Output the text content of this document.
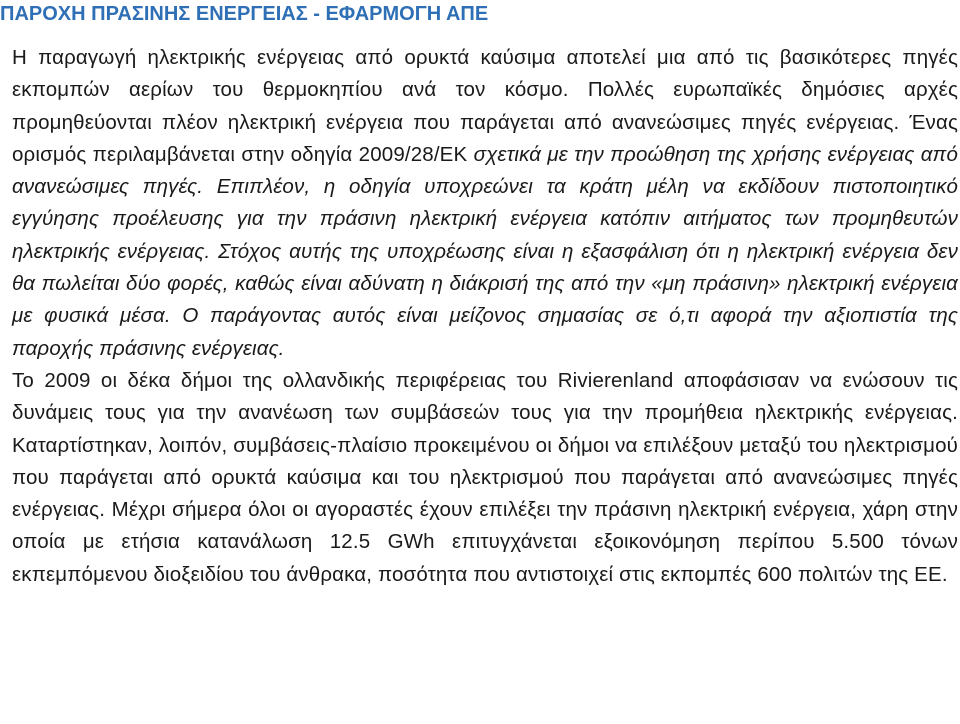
ΠΑΡΟΧΗ ΠΡΑΣΙΝΗΣ ΕΝΕΡΓΕΙΑΣ - ΕΦΑΡΜΟΓΗ ΑΠΕ

Η παραγωγή ηλεκτρικής ενέργειας από ορυκτά καύσιμα αποτελεί μια από τις βασικότερες πηγές εκπομπών αερίων του θερμοκηπίου ανά τον κόσμο. Πολλές ευρωπαϊκές δημόσιες αρχές προμηθεύονται πλέον ηλεκτρική ενέργεια που παράγεται από ανανεώσιμες πηγές ενέργειας. Ένας ορισμός περιλαμβάνεται στην οδηγία 2009/28/ΕΚ σχετικά με την προώθηση της χρήσης ενέργειας από ανανεώσιμες πηγές. Επιπλέον, η οδηγία υποχρεώνει τα κράτη μέλη να εκδίδουν πιστοποιητικό εγγύησης προέλευσης για την πράσινη ηλεκτρική ενέργεια κατόπιν αιτήματος των προμηθευτών ηλεκτρικής ενέργειας. Στόχος αυτής της υποχρέωσης είναι η εξασφάλιση ότι η ηλεκτρική ενέργεια δεν θα πωλείται δύο φορές, καθώς είναι αδύνατη η διάκρισή της από την «μη πράσινη» ηλεκτρική ενέργεια με φυσικά μέσα. Ο παράγοντας αυτός είναι μείζονος σημασίας σε ό,τι αφορά την αξιοπιστία της παροχής πράσινης ενέργειας.

Το 2009 οι δέκα δήμοι της ολλανδικής περιφέρειας του Rivierenland αποφάσισαν να ενώσουν τις δυνάμεις τους για την ανανέωση των συμβάσεών τους για την προμήθεια ηλεκτρικής ενέργειας. Καταρτίστηκαν, λοιπόν, συμβάσεις-πλαίσιο προκειμένου οι δήμοι να επιλέξουν μεταξύ του ηλεκτρισμού που παράγεται από ορυκτά καύσιμα και του ηλεκτρισμού που παράγεται από ανανεώσιμες πηγές ενέργειας. Μέχρι σήμερα όλοι οι αγοραστές έχουν επιλέξει την πράσινη ηλεκτρική ενέργεια, χάρη στην οποία με ετήσια κατανάλωση 12.5 GWh επιτυγχάνεται εξοικονόμηση περίπου 5.500 τόνων εκπεμπόμενου διοξειδίου του άνθρακα, ποσότητα που αντιστοιχεί στις εκπομπές 600 πολιτών της ΕΕ.
